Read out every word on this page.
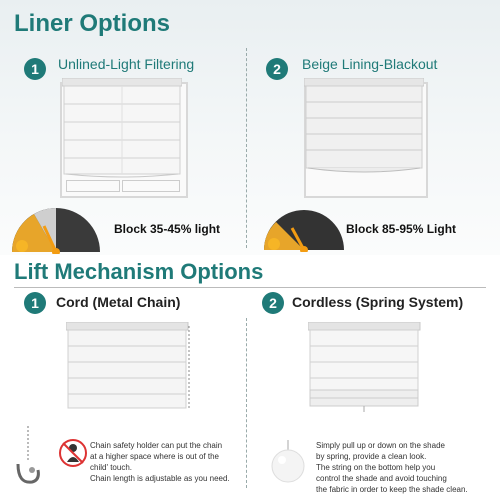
Liner Options
1	Unlined-Light Filtering	2	Beige Lining-Blackout
Block 35-45% light	Block 85-95% Light
Lift Mechanism Options
1	Cord (Metal Chain)	2	Cordless (Spring System)
Chain safety holder can put the chain
at a higher space where is out of the
child' touch.
Chain length is adjustable as you need.
Simply pull up or down on the shade
by spring, provide a clean look.
The string on the bottom help you
control the shade and avoid touching
the fabric in order to keep the shade clean.
